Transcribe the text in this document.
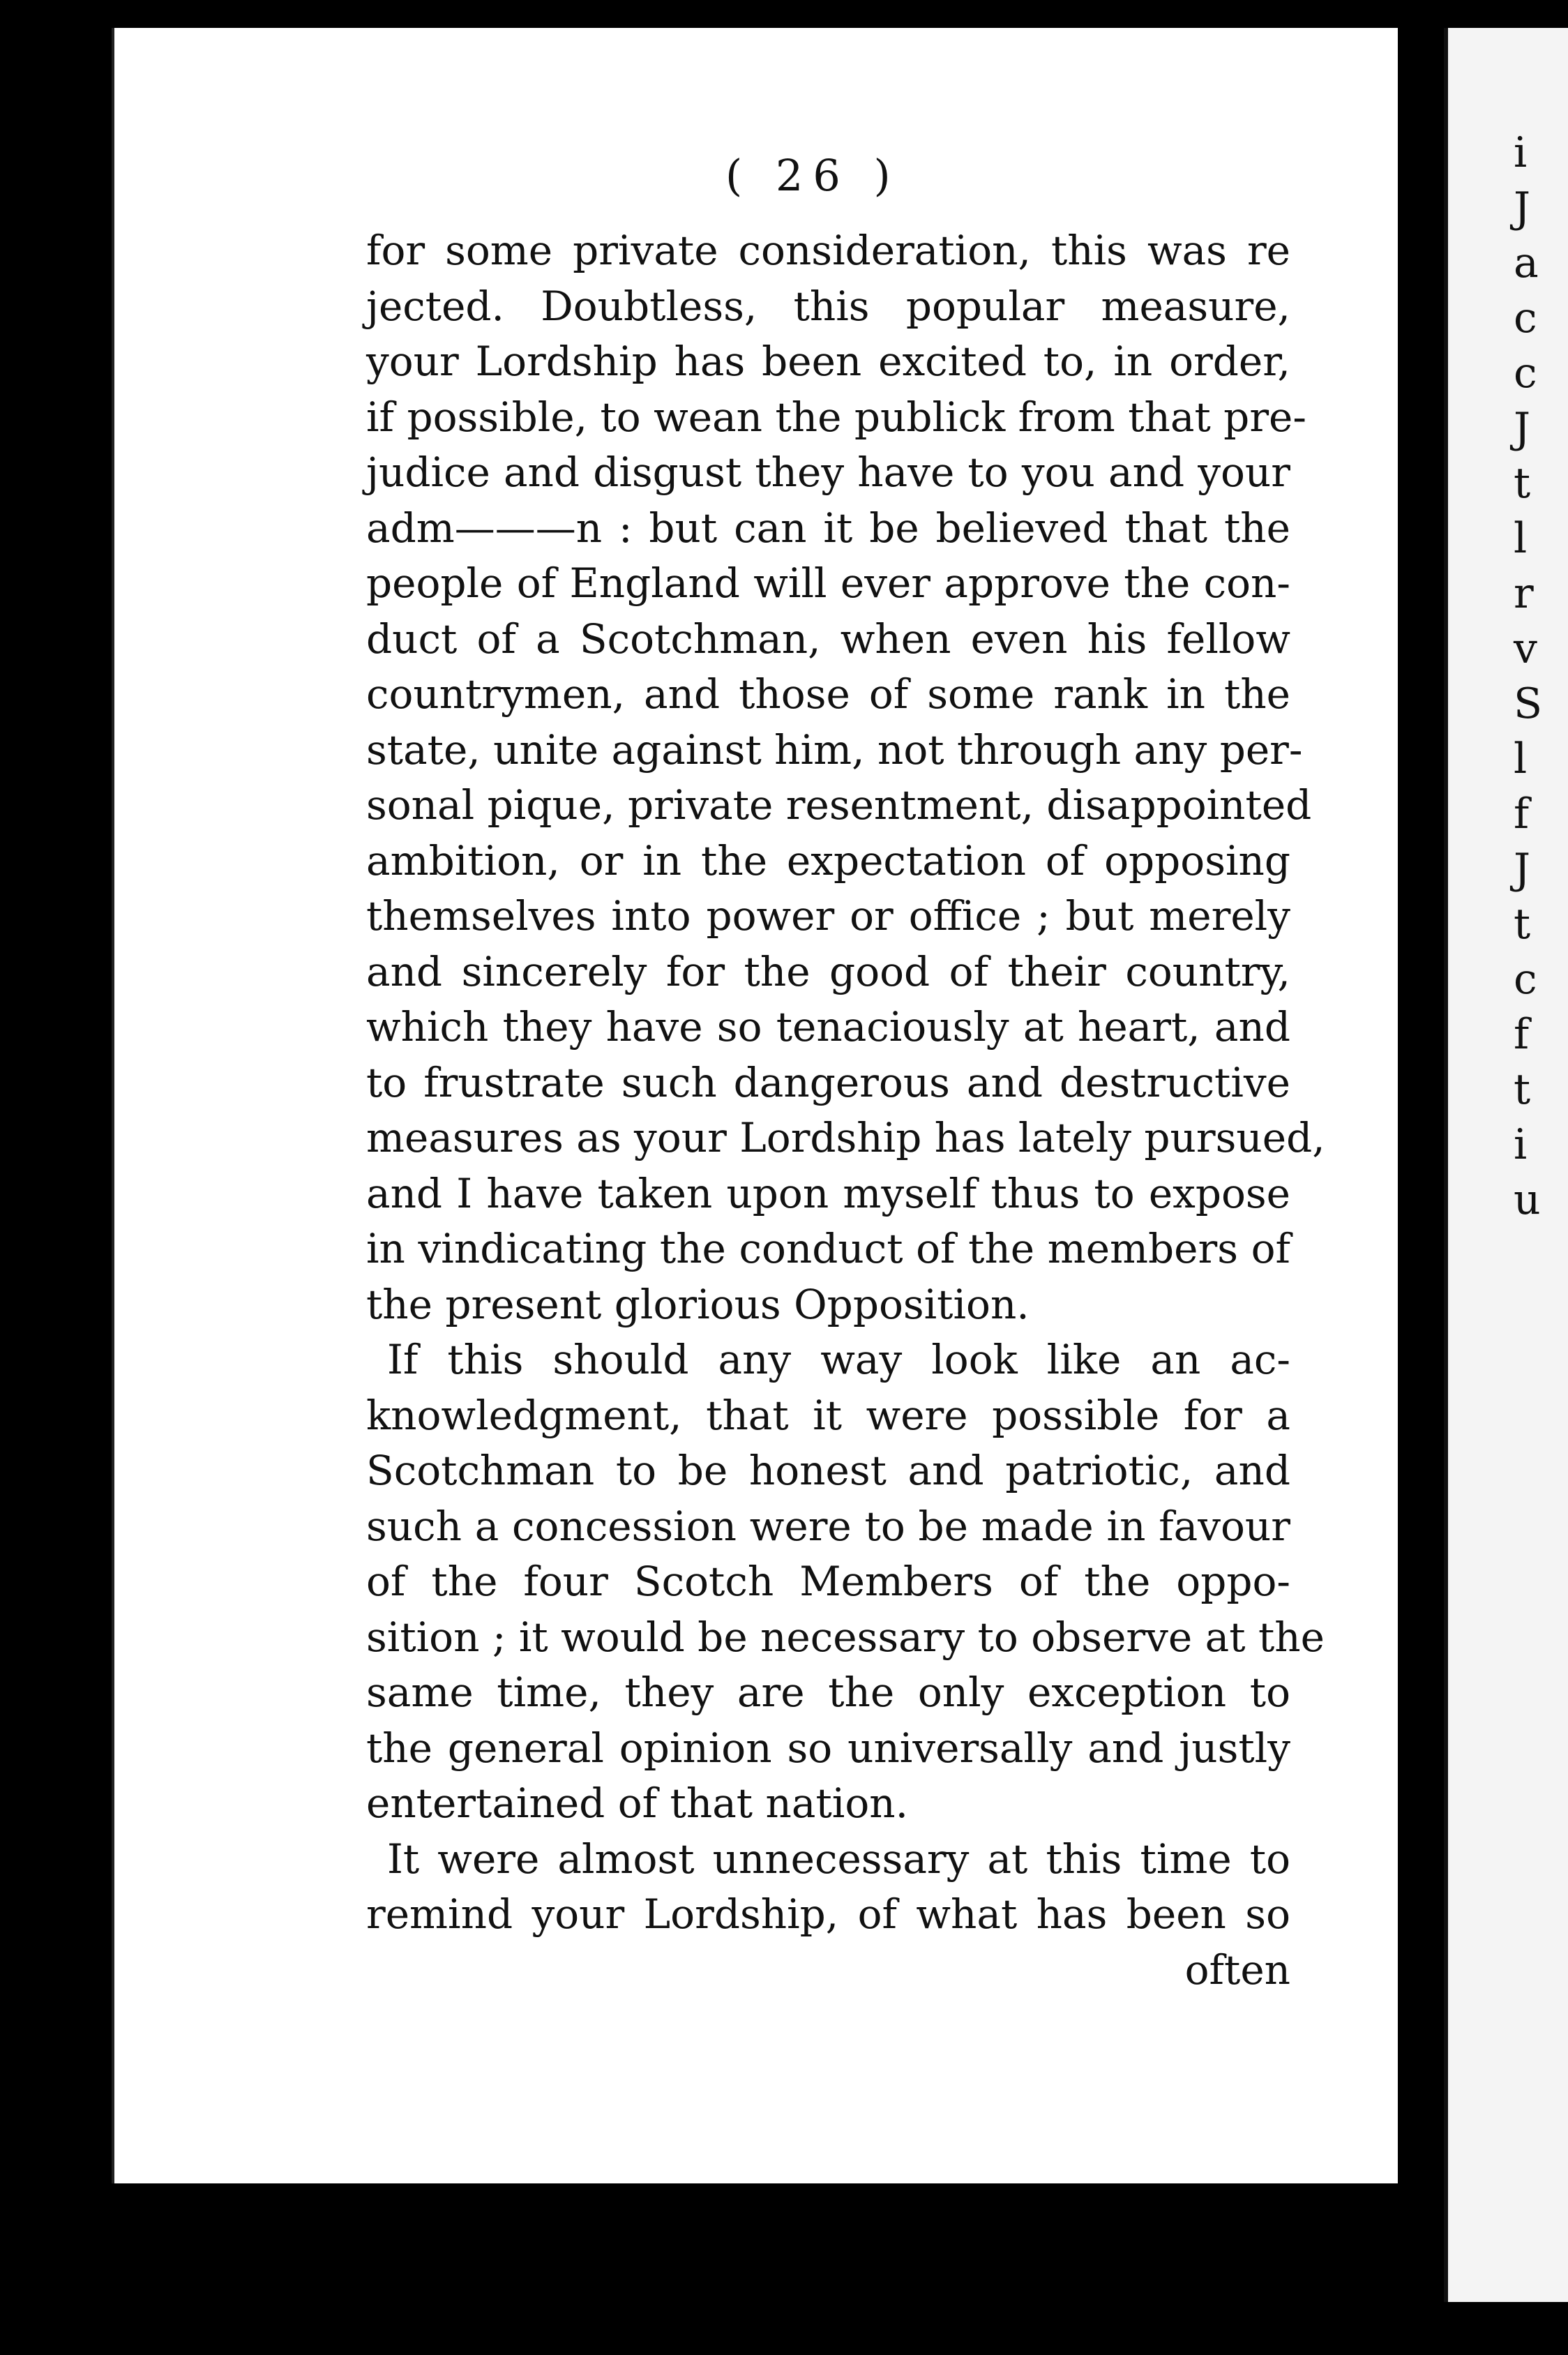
i
J
a
c
c
J
t
l
r
v
S
l
f
J
t
c
f
t
i
u
( 26 )
for some private consideration, this was re
jected. Doubtless, this popular measure,
your Lordship has been excited to, in order,
if possible, to wean the publick from that pre-
judice and disgust they have to you and your
adm———n : but can it be believed that the
people of England will ever approve the con-
duct of a Scotchman, when even his fellow
countrymen, and those of some rank in the
state, unite against him, not through any per-
sonal pique, private resentment, disappointed
ambition, or in the expectation of opposing
themselves into power or office ; but merely
and sincerely for the good of their country,
which they have so tenaciously at heart, and
to frustrate such dangerous and destructive
measures as your Lordship has lately pursued,
and I have taken upon myself thus to expose
in vindicating the conduct of the members of
the present glorious Opposition.
If this should any way look like an ac-
knowledgment, that it were possible for a
Scotchman to be honest and patriotic, and
such a concession were to be made in favour
of the four Scotch Members of the oppo-
sition ; it would be necessary to observe at the
same time, they are the only exception to
the general opinion so universally and justly
entertained of that nation.
It were almost unnecessary at this time to
remind your Lordship, of what has been so
often
